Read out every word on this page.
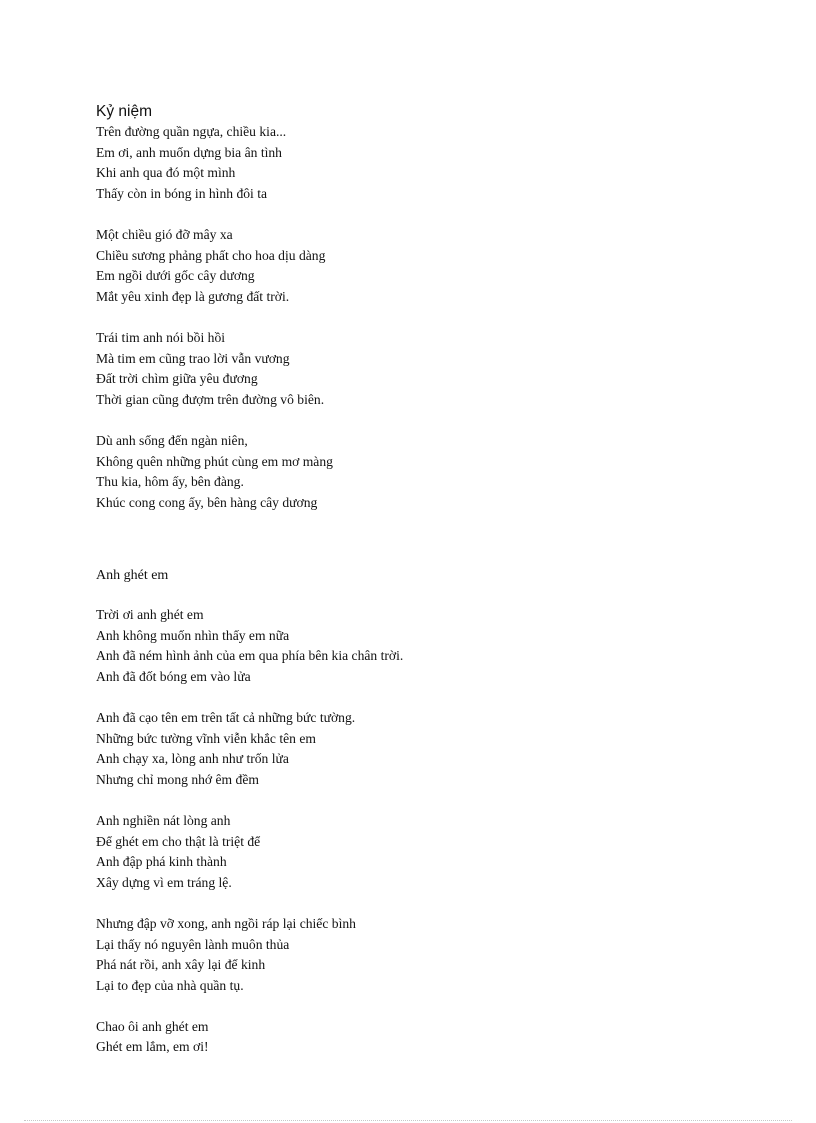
Kỷ niệm
Trên đường quần ngựa, chiều kia...
Em ơi, anh muốn dựng bia ân tình
Khi anh qua đó một mình
Thấy còn in bóng in hình đôi ta
Một chiều gió đỡ mây xa
Chiều sương phảng phất cho hoa dịu dàng
Em ngồi dưới gốc cây dương
Mắt yêu xinh đẹp là gương đất trời.
Trái tim anh nói bồi hồi
Mà tim em cũng trao lời vẫn vương
Đất trời chìm giữa yêu đương
Thời gian cũng đượm trên đường vô biên.
Dù anh sống đến ngàn niên,
Không quên những phút cùng em mơ màng
Thu kia, hôm ấy, bên đàng.
Khúc cong cong ấy, bên hàng cây dương
Anh ghét em
Trời ơi anh ghét em
Anh không muốn nhìn thấy em nữa
Anh đã ném hình ảnh của em qua phía bên kia chân trời.
Anh đã đốt bóng em vào lửa
Anh đã cạo tên em trên tất cả những bức tường.
Những bức tường vĩnh viễn khắc tên em
Anh chạy xa, lòng anh như trốn lửa
Nhưng chỉ mong nhớ êm đềm
Anh nghiền nát lòng anh
Để ghét em cho thật là triệt để
Anh đập phá kinh thành
Xây dựng vì em tráng lệ.
Nhưng đập vỡ xong, anh ngồi ráp lại chiếc bình
Lại thấy nó nguyên lành muôn thủa
Phá nát rồi, anh xây lại đế kinh
Lại to đẹp của nhà quần tụ.
Chao ôi anh ghét em
Ghét em lắm, em ơi!
